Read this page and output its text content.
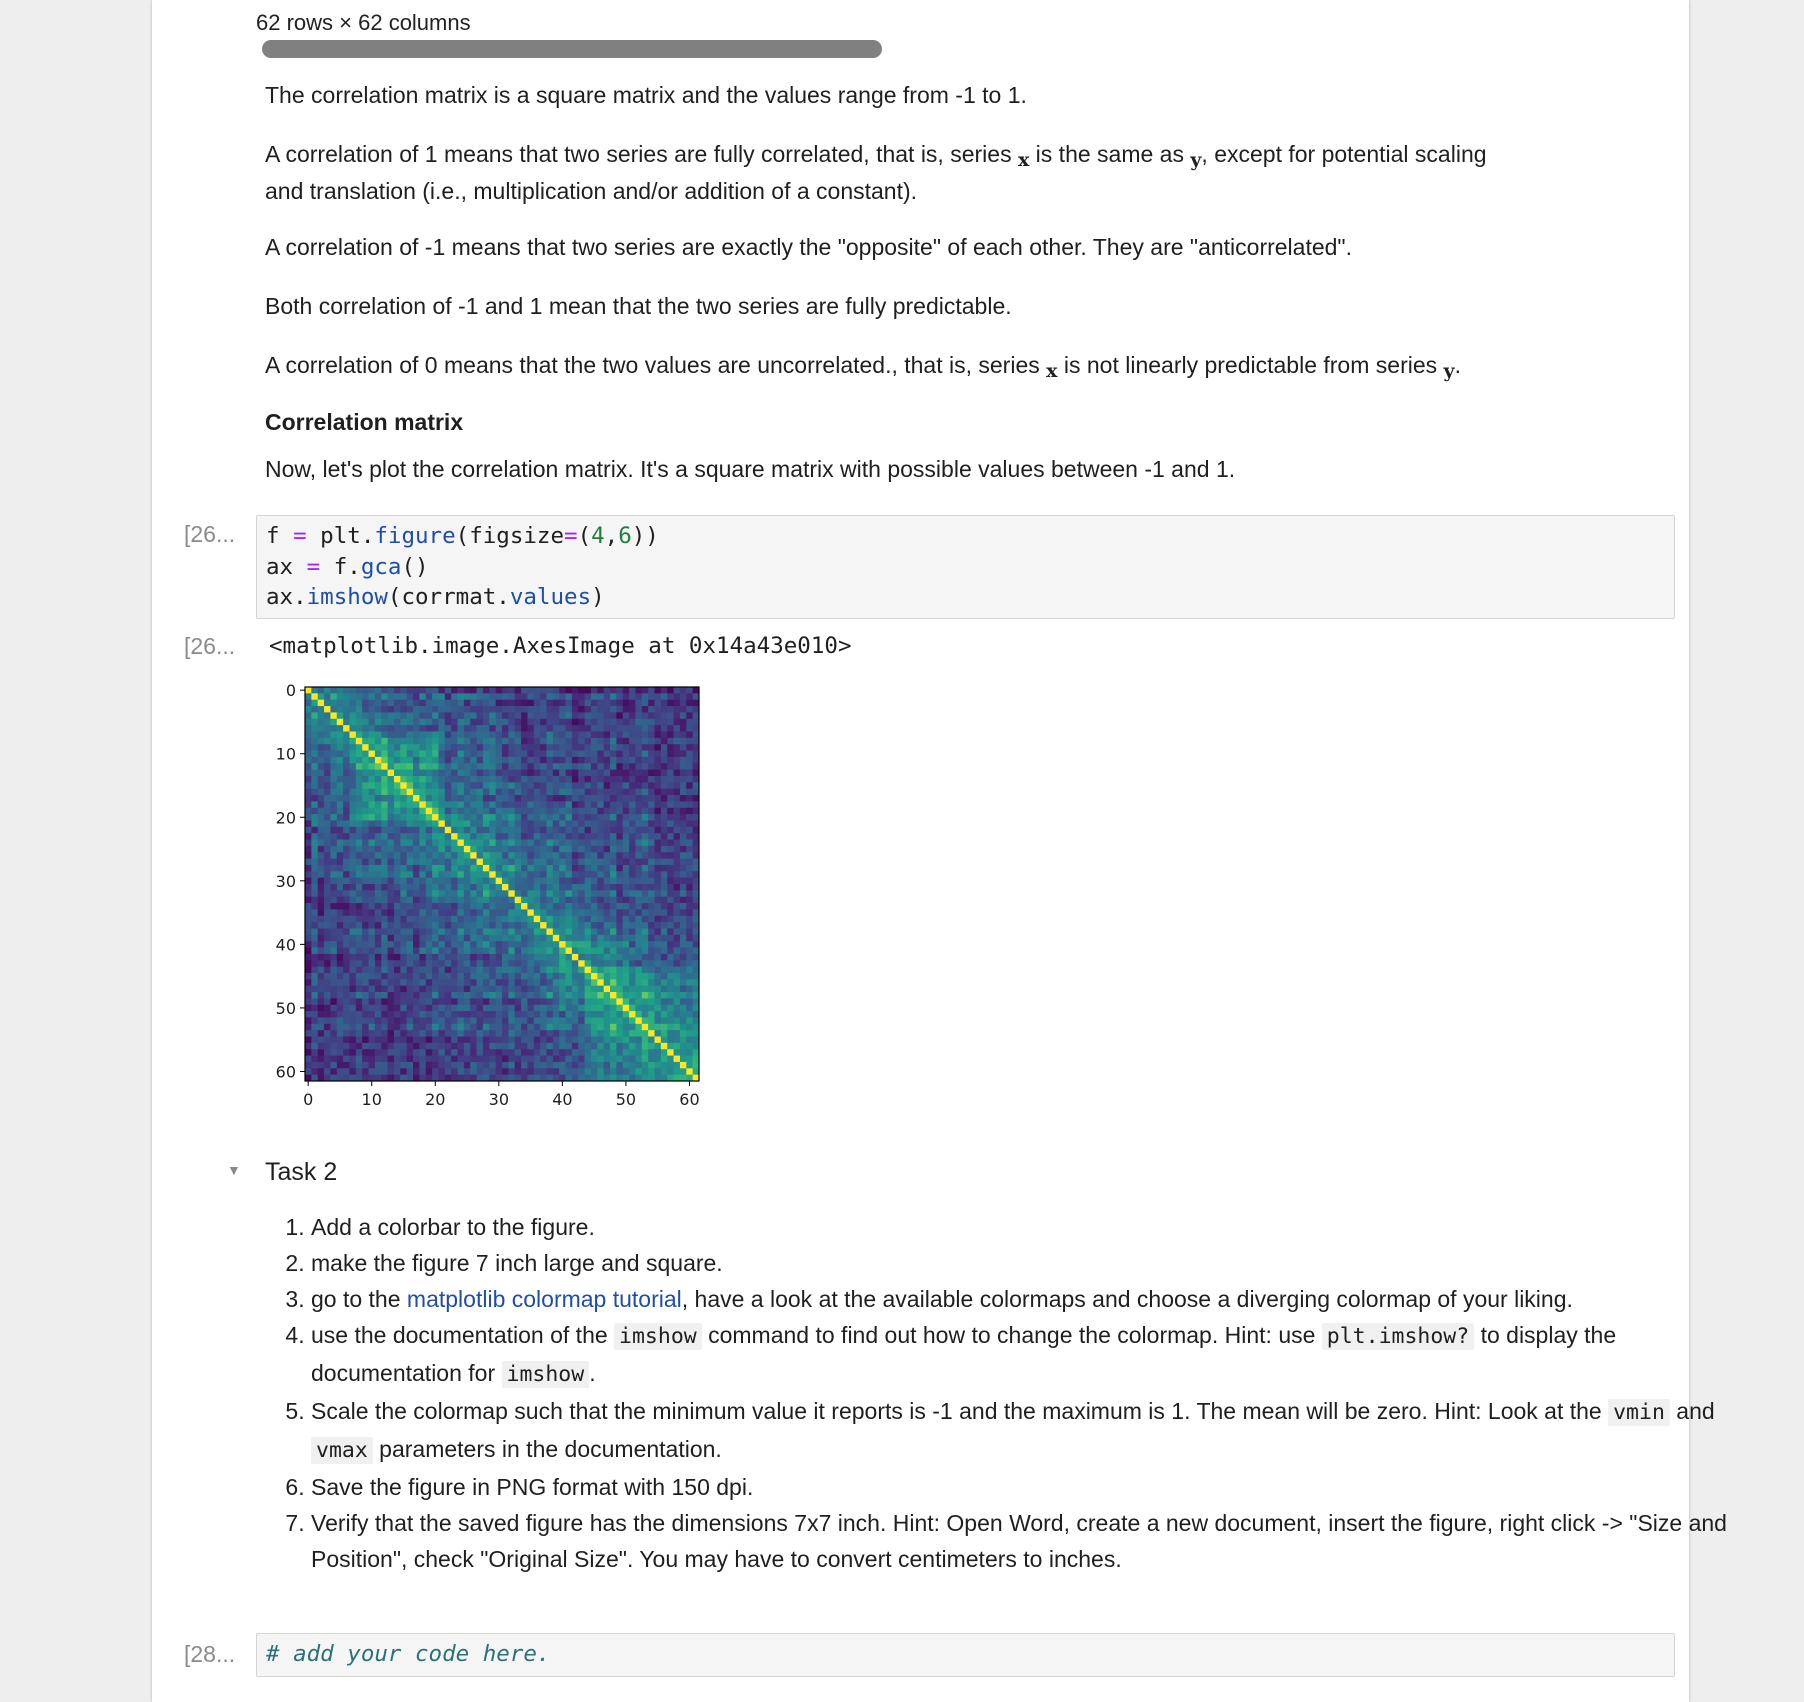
62 rows × 62 columns
The correlation matrix is a square matrix and the values range from -1 to 1.
A correlation of 1 means that two series are fully correlated, that is, series x is the same as y, except for potential scaling
and translation (i.e., multiplication and/or addition of a constant).
A correlation of -1 means that two series are exactly the "opposite" of each other. They are "anticorrelated".
Both correlation of -1 and 1 mean that the two series are fully predictable.
A correlation of 0 means that the two values are uncorrelated., that is, series x is not linearly predictable from series y.
Correlation matrix
Now, let's plot the correlation matrix. It's a square matrix with possible values between -1 and 1.
[26...	f = plt.figure(figsize=(4,6))
ax = f.gca()
ax.imshow(corrmat.values)
[26... <matplotlib.image.AxesImage at 0x14a43e010>
0
10
20
30
40
50
60
0	10	20	30	40	50	60
▼ Task 2
1. Add a colorbar to the figure.
2. make the figure 7 inch large and square.
3. go to the matplotlib colormap tutorial, have a look at the available colormaps and choose a diverging colormap of your liking.
4. use the documentation of the imshow command to find out how to change the colormap. Hint: use plt.imshow? to display the documentation for imshow .
5. Scale the colormap such that the minimum value it reports is -1 and the maximum is 1. The mean will be zero. Hint: Look at the vmin and vmax parameters in the documentation.
6. Save the figure in PNG format with 150 dpi.
7. Verify that the saved figure has the dimensions 7x7 inch. Hint: Open Word, create a new document, insert the figure, right click -> "Size and Position", check "Original Size". You may have to convert centimeters to inches.
[28...	# add your code here.
